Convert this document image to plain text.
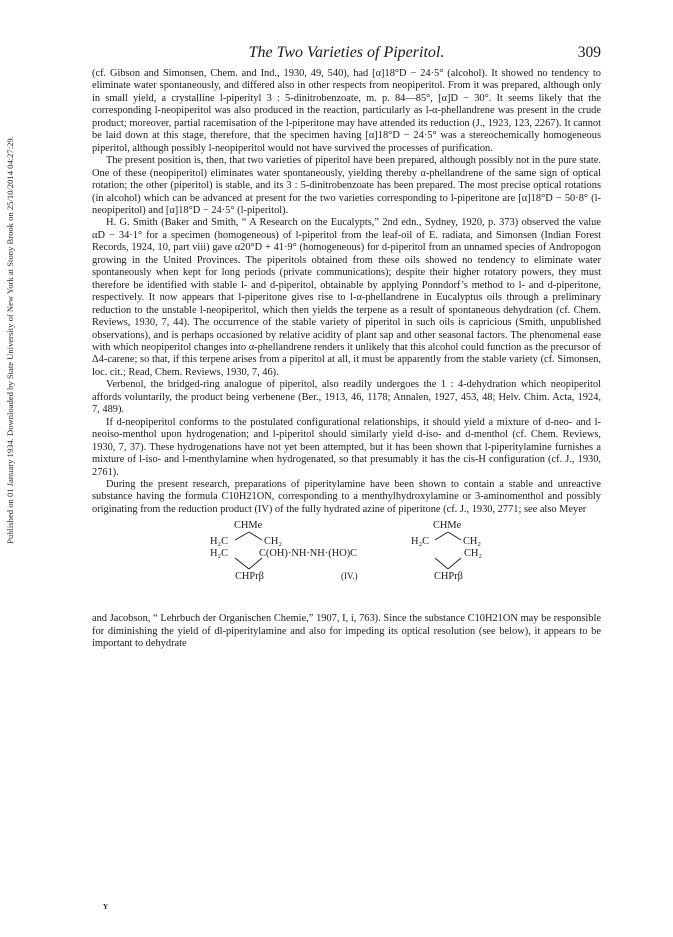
Published on 01 January 1934. Downloaded by State University of New York at Stony Brook on 25/10/2014 04:27:29.
The Two Varieties of Piperitol.	309

(cf. Gibson and Simonsen, Chem. and Ind., 1930, 49, 540), had [α]18°D − 24·5° (alcohol). It showed no tendency to eliminate water spontaneously, and differed also in other respects from neopiperitol. From it was prepared, although only in small yield, a crystalline l-piperityl 3 : 5-dinitrobenzoate, m. p. 84—85°, [α]D − 30°. It seems likely that the corresponding l-neopiperitol was also produced in the reaction, particularly as l-α-phellandrene was present in the crude product; moreover, partial racemisation of the l-piperitone may have attended its reduction (J., 1923, 123, 2267). It cannot be laid down at this stage, therefore, that the specimen having [α]18°D − 24·5° was a stereochemically homogeneous piperitol, although possibly l-neopiperitol would not have survived the processes of purification.

The present position is, then, that two varieties of piperitol have been prepared, although possibly not in the pure state. One of these (neopiperitol) eliminates water spontaneously, yielding thereby α-phellandrene of the same sign of optical rotation; the other (piperitol) is stable, and its 3 : 5-dinitrobenzoate has been prepared. The most precise optical rotations (in alcohol) which can be advanced at present for the two varieties corresponding to l-piperitone are [α]18°D − 50·8° (l-neopiperitol) and [α]18°D − 24·5° (l-piperitol).

H. G. Smith (Baker and Smith, “ A Research on the Eucalypts,” 2nd edn., Sydney, 1920, p. 373) observed the value αD − 34·1° for a specimen (homogeneous) of l-piperitol from the leaf-oil of E. radiata, and Simonsen (Indian Forest Records, 1924, 10, part viii) gave α20°D + 41·9° (homogeneous) for d-piperitol from an unnamed species of Andropogon growing in the United Provinces. The piperitols obtained from these oils showed no tendency to eliminate water spontaneously when kept for long periods (private communications); despite their higher rotatory powers, they must therefore be identified with stable l- and d-piperitol, obtainable by applying Ponndorf’s method to l- and d-piperitone, respectively. It now appears that l-piperitone gives rise to l-α-phellandrene in Eucalyptus oils through a preliminary reduction to the unstable l-neopiperitol, which then yields the terpene as a result of spontaneous dehydration (cf. Chem. Reviews, 1930, 7, 44). The occurrence of the stable variety of piperitol in such oils is capricious (Smith, unpublished observations), and is perhaps occasioned by relative acidity of plant sap and other seasonal factors. The phenomenal ease with which neopiperitol changes into α-phellandrene renders it unlikely that this alcohol could function as the precursor of Δ4-carene; so that, if this terpene arises from a piperitol at all, it must be apparently from the stable variety (cf. Simonsen, loc. cit.; Read, Chem. Reviews, 1930, 7, 46).

Verbenol, the bridged-ring analogue of piperitol, also readily undergoes the 1 : 4-dehydration which neopiperitol affords voluntarily, the product being verbenene (Ber., 1913, 46, 1178; Annalen, 1927, 453, 48; Helv. Chim. Acta, 1924, 7, 489).

If d-neopiperitol conforms to the postulated configurational relationships, it should yield a mixture of d-neo- and l-neoiso-menthol upon hydrogenation; and l-piperitol should similarly yield d-iso- and d-menthol (cf. Chem. Reviews, 1930, 7, 37). These hydrogenations have not yet been attempted, but it has been shown that l-piperitylamine furnishes a mixture of l-iso- and l-menthylamine when hydrogenated, so that presumably it has the cis-H configuration (cf. J., 1930, 2761).

During the present research, preparations of piperitylamine have been shown to contain a stable and unreactive substance having the formula C10H21ON, corresponding to a menthylhydroxylamine or 3-aminomenthol and possibly originating from the reduction product (IV) of the fully hydrated azine of piperitone (cf. J., 1930, 2771; see also Meyer

CHMe	CHMe
H₂C	CH₂	H₂C	CH₂
H₂C	C(OH)·NH·NH·(HO)C	CH₂
CHPrβ	(IV.)	CHPrβ

and Jacobson, “ Lehrbuch der Organischen Chemie,” 1907, I, i, 763). Since the substance C10H21ON may be responsible for diminishing the yield of dl-piperitylamine and also for impeding its optical resolution (see below), it appears to be important to dehydrate

Y
